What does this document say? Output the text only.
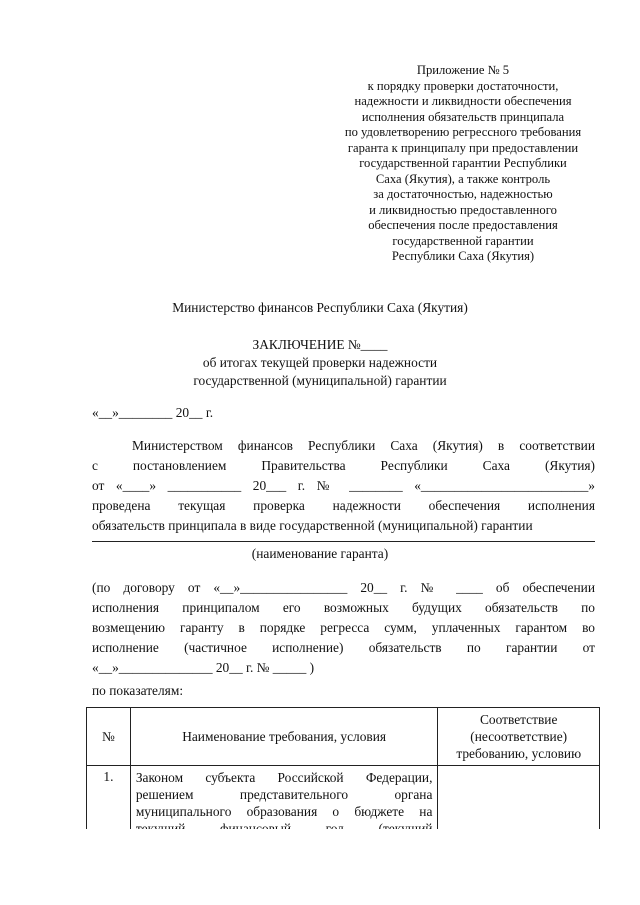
Приложение № 5
к порядку проверки достаточности,
надежности и ликвидности обеспечения
исполнения обязательств принципала
по удовлетворению регрессного требования
гаранта к принципалу при предоставлении
государственной гарантии Республики
Саха (Якутия), а также контроль
за достаточностью, надежностью
и ликвидностью предоставленного
обеспечения после предоставления
государственной гарантии
Республики Саха (Якутия)
Министерство финансов Республики Саха (Якутия)
ЗАКЛЮЧЕНИЕ №____
об итогах текущей проверки надежности
государственной (муниципальной) гарантии
«__»________ 20__ г.
Министерством финансов Республики Саха (Якутия) в соответствии
с постановлением Правительства Республики Саха (Якутия)
от «____» ___________ 20___ г. № ________ «_________________________»
проведена текущая проверка надежности обеспечения исполнения
обязательств принципала в виде государственной (муниципальной) гарантии
(наименование гаранта)
(по договору от «__»________________ 20__ г. № ____ об обеспечении
исполнения принципалом его возможных будущих обязательств по
возмещению гаранту в порядке регресса сумм, уплаченных гарантом во
исполнение (частичное исполнение) обязательств по гарантии от
«__»______________ 20__ г. № _____ )
по показателям:
№	Наименование требования, условия	Соответствие
(несоответствие)
требованию, условию

1.	Законом субъекта Российской Федерации,
решением представительного органа
муниципального образования о бюджете на	
